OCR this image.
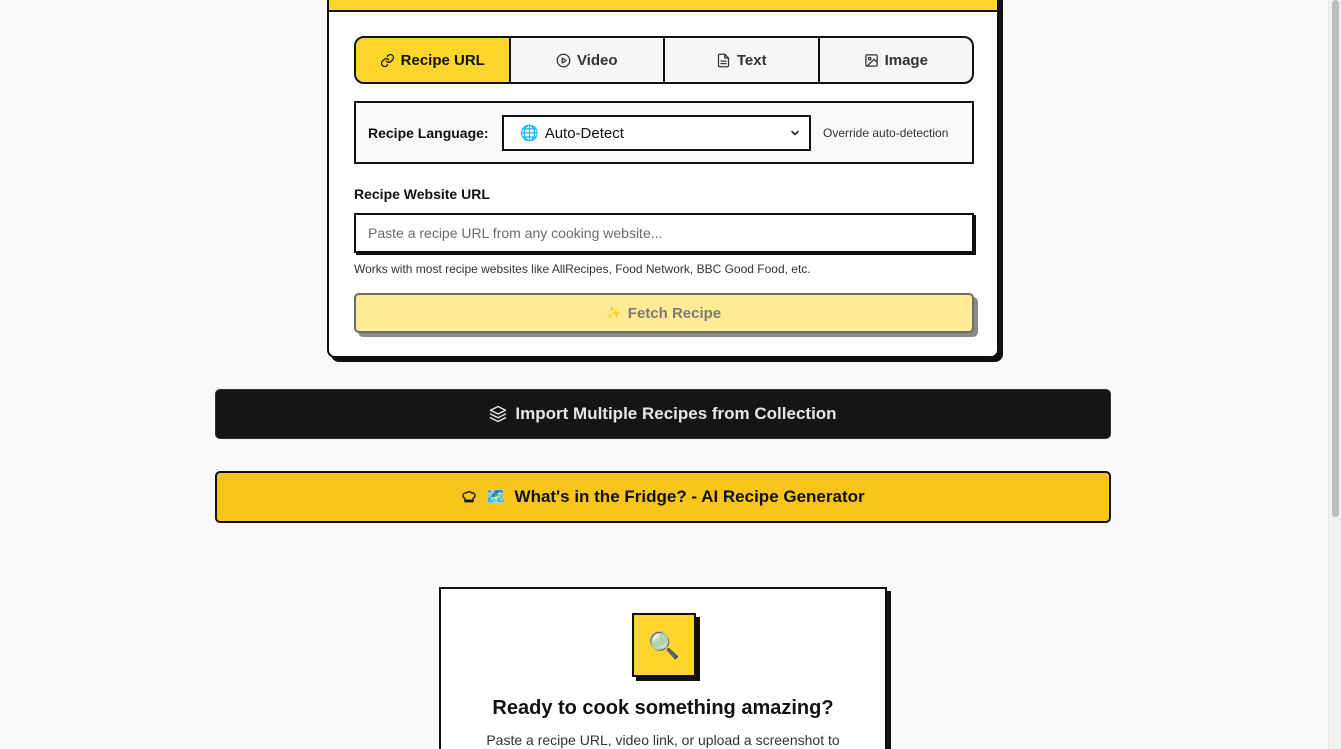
Recipe URL	Video	Text	Image
Recipe Language:	🌐 Auto-Detect	Override auto-detection
Recipe Website URL
Paste a recipe URL from any cooking website...
Works with most recipe websites like AllRecipes, Food Network, BBC Good Food, etc.
✨ Fetch Recipe
Import Multiple Recipes from Collection
🗺️ What's in the Fridge? - AI Recipe Generator
🔍
Ready to cook something amazing?
Paste a recipe URL, video link, or upload a screenshot to
